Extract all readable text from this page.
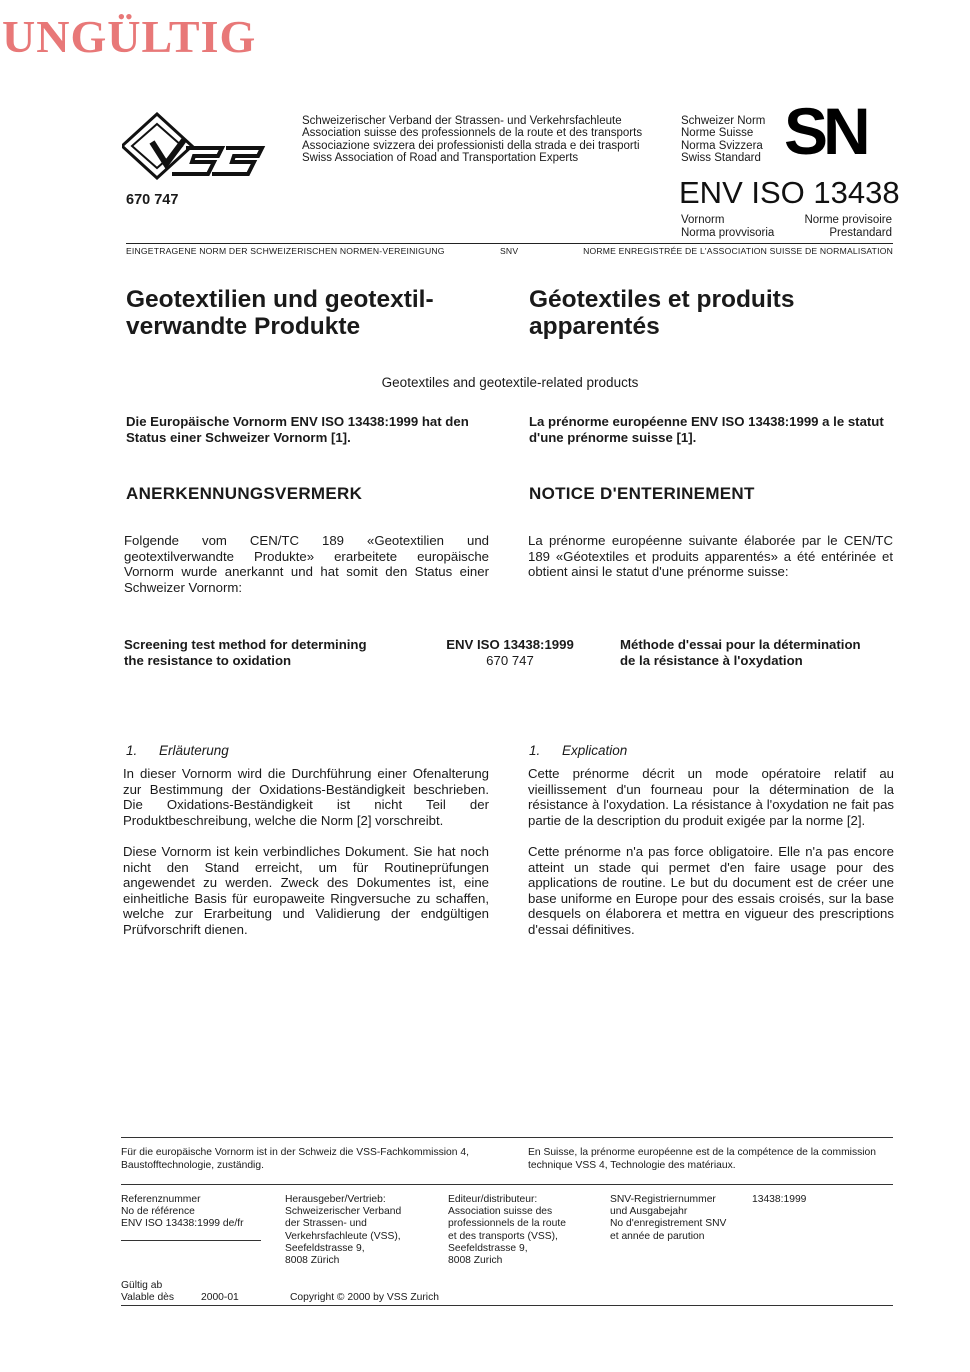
UNGÜLTIG
Schweizerischer Verband der Strassen- und Verkehrsfachleute
Association suisse des professionnels de la route et des transports
Associazione svizzera dei professionisti della strada e dei trasporti
Swiss Association of Road and Transportation Experts
Schweizer Norm
Norme Suisse
Norma Svizzera
Swiss Standard SN
670 747	ENV ISO 13438
Vornorm
Norma provvisoria
Norme provisoire
Prestandard
EINGETRAGENE NORM DER SCHWEIZERISCHEN NORMEN-VEREINIGUNG	SNV	NORME ENREGISTRÉE DE L'ASSOCIATION SUISSE DE NORMALISATION
Geotextilien und geotextil-
verwandte Produkte
Géotextiles et produits
apparentés
Geotextiles and geotextile-related products
Die Europäische Vornorm ENV ISO 13438:1999 hat den Status einer Schweizer Vornorm [1].
La prénorme européenne ENV ISO 13438:1999 a le statut d'une prénorme suisse [1].
ANERKENNUNGSVERMERK	NOTICE D'ENTERINEMENT
Folgende vom CEN/TC 189 «Geotextilien und geotextilverwandte Produkte» erarbeitete europäische Vornorm wurde anerkannt und hat somit den Status einer Schweizer Vornorm:
La prénorme européenne suivante élaborée par le CEN/TC 189 «Géotextiles et produits apparentés» a été entérinée et obtient ainsi le statut d'une prénorme suisse:
Screening test method for determining
the resistance to oxidation
ENV ISO 13438:1999
670 747
Méthode d'essai pour la détermination
de la résistance à l'oxydation
1. Erläuterung	1. Explication
In dieser Vornorm wird die Durchführung einer Ofenalterung zur Bestimmung der Oxidations-Beständigkeit beschrieben. Die Oxidations-Beständigkeit ist nicht Teil der Produktbeschreibung, welche die Norm [2] vorschreibt.
Diese Vornorm ist kein verbindliches Dokument. Sie hat noch nicht den Stand erreicht, um für Routineprüfungen angewendet zu werden. Zweck des Dokumentes ist, eine einheitliche Basis für europaweite Ringversuche zu schaffen, welche zur Erarbeitung und Validierung der endgültigen Prüfvorschrift dienen.
Cette prénorme décrit un mode opératoire relatif au vieillissement d'un fourneau pour la détermination de la résistance à l'oxydation. La résistance à l'oxydation ne fait pas partie de la description du produit exigée par la norme [2].
Cette prénorme n'a pas force obligatoire. Elle n'a pas encore atteint un stade qui permet d'en faire usage pour des applications de routine. Le but du document est de créer une base uniforme en Europe pour des essais croisés, sur la base desquels on élaborera et mettra en vigueur des prescriptions d'essai définitives.
Für die europäische Vornorm ist in der Schweiz die VSS-Fachkommission 4, Baustofftechnologie, zuständig.
En Suisse, la prénorme européenne est de la compétence de la commission technique VSS 4, Technologie des matériaux.
Referenznummer
No de référence
ENV ISO 13438:1999 de/fr
Herausgeber/Vertrieb:
Schweizerischer Verband
der Strassen- und
Verkehrsfachleute (VSS),
Seefeldstrasse 9,
8008 Zürich
Editeur/distributeur:
Association suisse des
professionnels de la route
et des transports (VSS),
Seefeldstrasse 9,
8008 Zurich
SNV-Registriernummer
und Ausgabejahr
No d'enregistrement SNV
et année de parution
13438:1999
Gültig ab
Valable dès	2000-01	Copyright © 2000 by VSS Zurich
